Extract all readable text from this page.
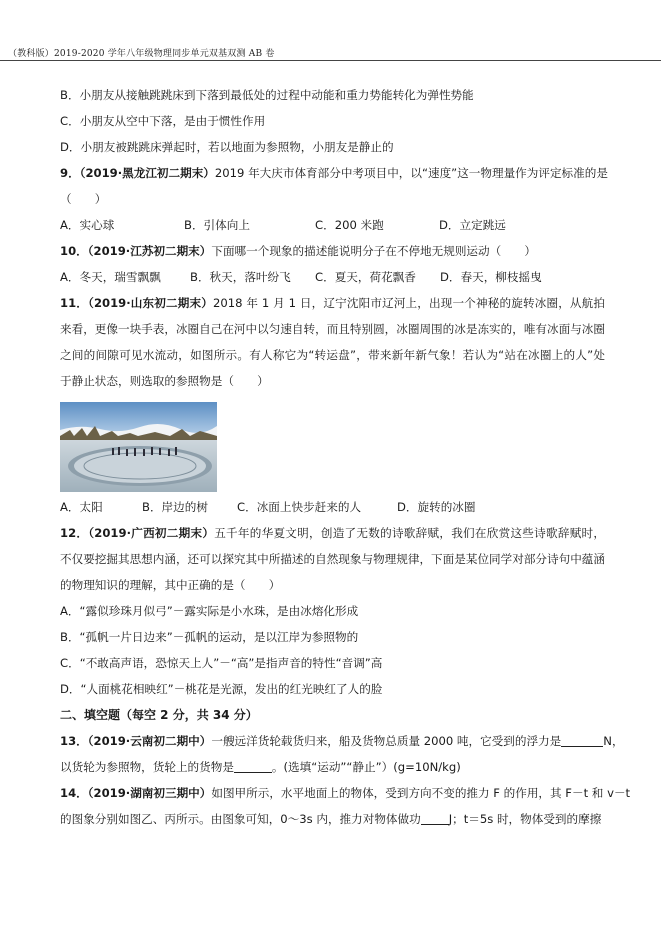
（教科版）2019-2020 学年八年级物理同步单元双基双测 AB 卷
B．小朋友从接触跳跳床到下落到最低处的过程中动能和重力势能转化为弹性势能
C．小朋友从空中下落，是由于惯性作用
D．小朋友被跳跳床弹起时，若以地面为参照物，小朋友是静止的
9．（2019·黑龙江初二期末）2019 年大庆市体育部分中考项目中，以“速度”这一物理量作为评定标准的是
（　　）
A．实心球	B．引体向上	C．200 米跑	D．立定跳远
10．（2019·江苏初二期末）下面哪一个现象的描述能说明分子在不停地无规则运动（　　）
A．冬天，瑞雪飘飘	B．秋天，落叶纷飞	C．夏天，荷花飘香	D．春天，柳枝摇曳
11．（2019·山东初二期末）2018 年 1 月 1 日，辽宁沈阳市辽河上，出现一个神秘的旋转冰圈，从航拍来看，更像一块手表，冰圈自己在河中以匀速自转，而且特别圆，冰圈周围的冰是冻实的，唯有冰面与冰圈之间的间隙可见水流动，如图所示。有人称它为“转运盘”，带来新年新气象！若认为“站在冰圈上的人”处于静止状态，则选取的参照物是（　　）
A．太阳	B．岸边的树	C．冰面上快步赶来的人	D．旋转的冰圈
12．（2019·广西初二期末）五千年的华夏文明，创造了无数的诗歌辞赋，我们在欣赏这些诗歌辞赋时，不仅要挖掘其思想内涵，还可以探究其中所描述的自然现象与物理规律，下面是某位同学对部分诗句中蕴涵的物理知识的理解，其中正确的是（　　）
A．“露似珍珠月似弓”－露实际是小水珠，是由冰熔化形成
B．“孤帆一片日边来”－孤帆的运动，是以江岸为参照物的
C．“不敢高声语，恐惊天上人”－“高”是指声音的特性“音调”高
D．“人面桃花相映红”－桃花是光源，发出的红光映红了人的脸
二、填空题（每空 2 分，共 34 分）
13．（2019·云南初二期中）一艘远洋货轮载货归来，船及货物总质量 2000 吨，它受到的浮力是	N，
以货轮为参照物，货轮上的货物是	。(选填“运动”“静止”）(g=10N/kg)
14．（2019·湖南初三期中）如图甲所示，水平地面上的物体，受到方向不变的推力 F 的作用，其 F－t 和 v－t
的图象分别如图乙、丙所示。由图象可知，0～3s 内，推力对物体做功 J；t＝5s 时，物体受到的摩擦
